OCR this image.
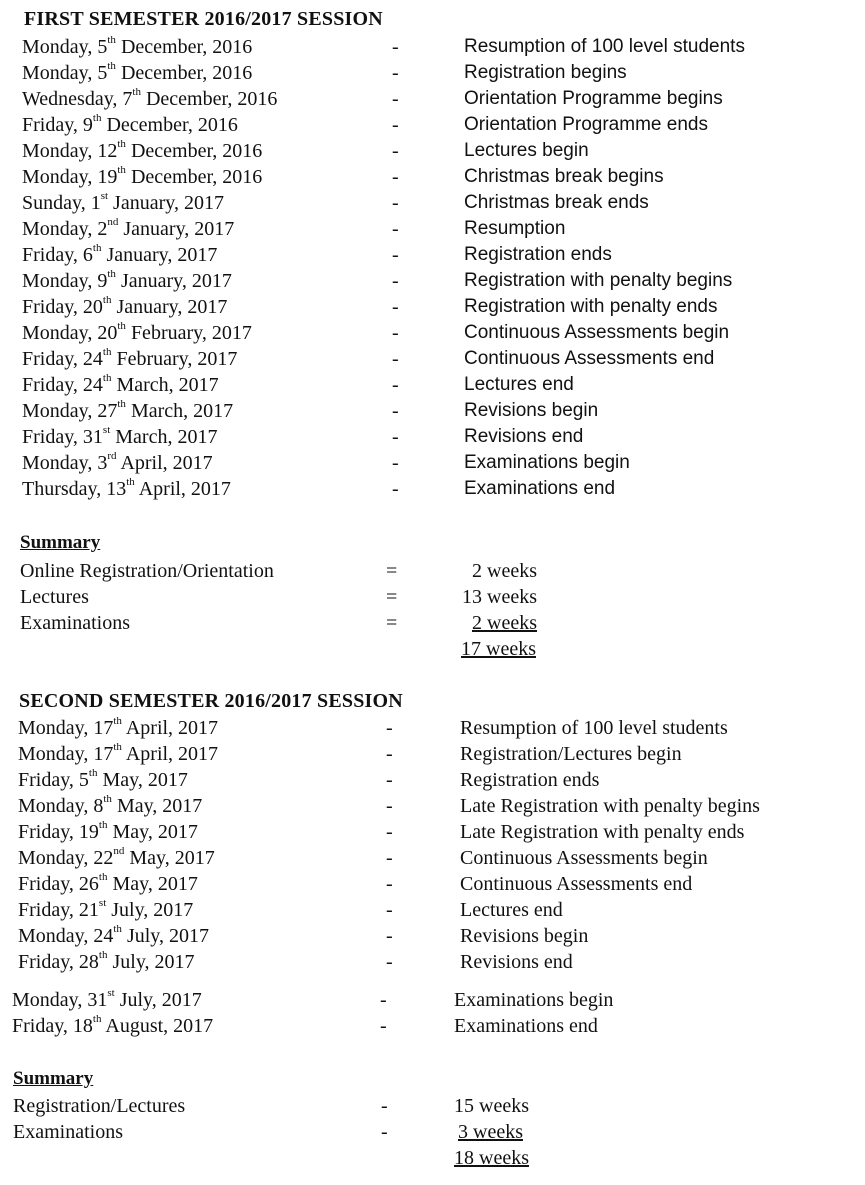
FIRST SEMESTER 2016/2017 SESSION
Monday, 5th December, 2016	-	Resumption of 100 level students
Monday, 5th December, 2016	-	Registration begins
Wednesday, 7th December, 2016	-	Orientation Programme begins
Friday, 9th December, 2016	-	Orientation Programme ends
Monday, 12th December, 2016	-	Lectures begin
Monday, 19th December, 2016	-	Christmas break begins
Sunday, 1st January, 2017	-	Christmas break ends
Monday, 2nd January, 2017	-	Resumption
Friday, 6th January, 2017	-	Registration ends
Monday, 9th January, 2017	-	Registration with penalty begins
Friday, 20th January, 2017	-	Registration with penalty ends
Monday, 20th February, 2017	-	Continuous Assessments begin
Friday, 24th February, 2017	-	Continuous Assessments end
Friday, 24th March, 2017	-	Lectures end
Monday, 27th March, 2017	-	Revisions begin
Friday, 31st March, 2017	-	Revisions end
Monday, 3rd April, 2017	-	Examinations begin
Thursday, 13th April, 2017	-	Examinations end
Summary
Online Registration/Orientation	=	2 weeks
Lectures	=	13 weeks
Examinations	=	2 weeks
17 weeks
SECOND SEMESTER 2016/2017 SESSION
Monday, 17th April, 2017	-	Resumption of 100 level students
Monday, 17th April, 2017	-	Registration/Lectures begin
Friday, 5th May, 2017	-	Registration ends
Monday, 8th May, 2017	-	Late Registration with penalty begins
Friday, 19th May, 2017	-	Late Registration with penalty ends
Monday, 22nd May, 2017	-	Continuous Assessments begin
Friday, 26th May, 2017	-	Continuous Assessments end
Friday, 21st July, 2017	-	Lectures end
Monday, 24th July, 2017	-	Revisions begin
Friday, 28th July, 2017	-	Revisions end
Monday, 31st July, 2017	-	Examinations begin
Friday, 18th August, 2017	-	Examinations end
Summary
Registration/Lectures	-	15 weeks
Examinations	-	3 weeks
18 weeks
